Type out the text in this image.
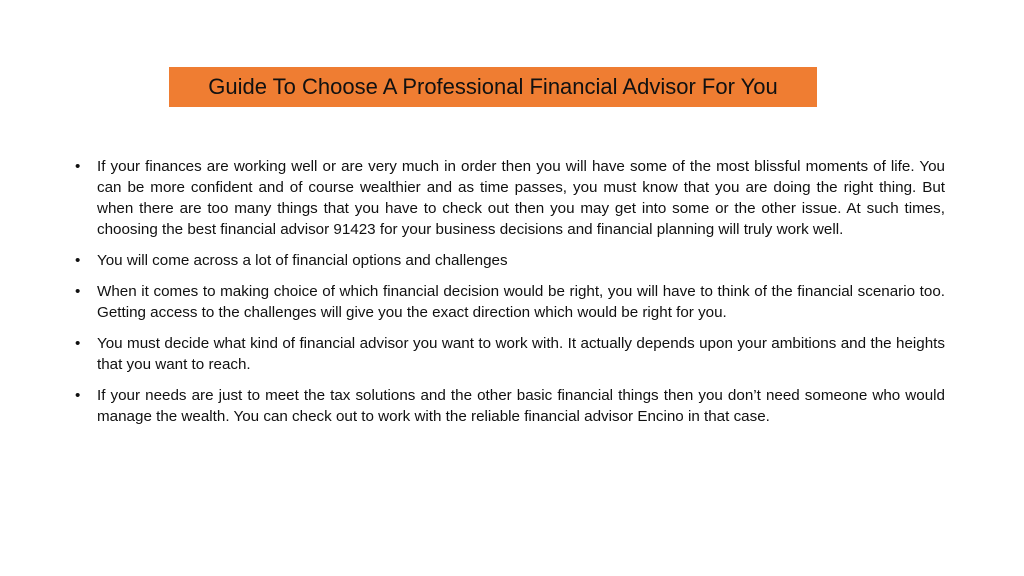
Guide To Choose A Professional Financial Advisor For You
•	If your finances are working well or are very much in order then you will have some of the most blissful moments of life. You can be more confident and of course wealthier and as time passes, you must know that you are doing the right thing. But when there are too many things that you have to check out then you may get into some or the other issue. At such times, choosing the best financial advisor 91423 for your business decisions and financial planning will truly work well.
•	You will come across a lot of financial options and challenges
•	When it comes to making choice of which financial decision would be right, you will have to think of the financial scenario too. Getting access to the challenges will give you the exact direction which would be right for you.
•	You must decide what kind of financial advisor you want to work with. It actually depends upon your ambitions and the heights that you want to reach.
•	If your needs are just to meet the tax solutions and the other basic financial things then you don’t need someone who would manage the wealth. You can check out to work with the reliable financial advisor Encino in that case.
